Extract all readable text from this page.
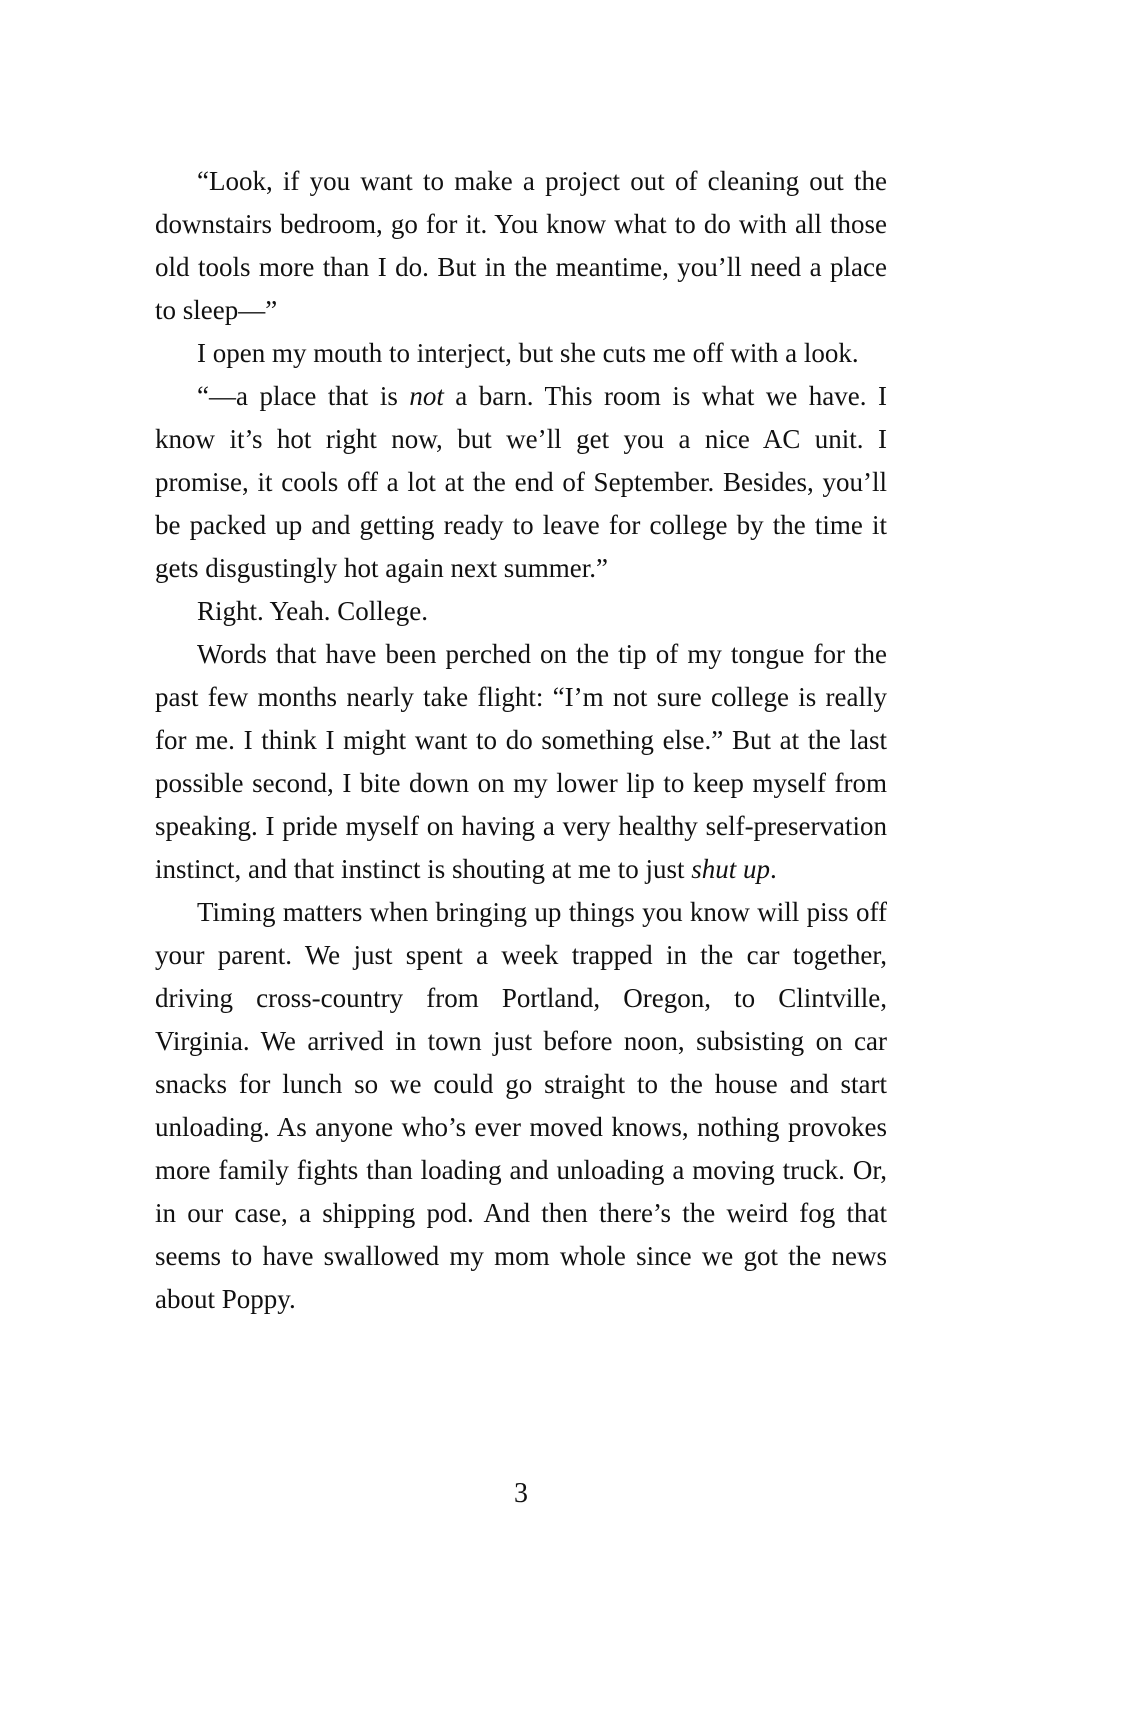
“Look, if you want to make a project out of cleaning out the downstairs bedroom, go for it. You know what to do with all those old tools more than I do. But in the meantime, you’ll need a place to sleep—”

I open my mouth to interject, but she cuts me off with a look.

“—a place that is not a barn. This room is what we have. I know it’s hot right now, but we’ll get you a nice AC unit. I promise, it cools off a lot at the end of September. Besides, you’ll be packed up and getting ready to leave for college by the time it gets disgustingly hot again next summer.”

Right. Yeah. College.

Words that have been perched on the tip of my tongue for the past few months nearly take flight: “I’m not sure college is really for me. I think I might want to do something else.” But at the last possible second, I bite down on my lower lip to keep myself from speaking. I pride myself on having a very healthy self-preservation instinct, and that instinct is shouting at me to just shut up.

Timing matters when bringing up things you know will piss off your parent. We just spent a week trapped in the car together, driving cross-country from Portland, Oregon, to Clintville, Virginia. We arrived in town just before noon, subsisting on car snacks for lunch so we could go straight to the house and start unloading. As anyone who’s ever moved knows, nothing provokes more family fights than loading and unloading a moving truck. Or, in our case, a shipping pod. And then there’s the weird fog that seems to have swallowed my mom whole since we got the news about Poppy.

3
